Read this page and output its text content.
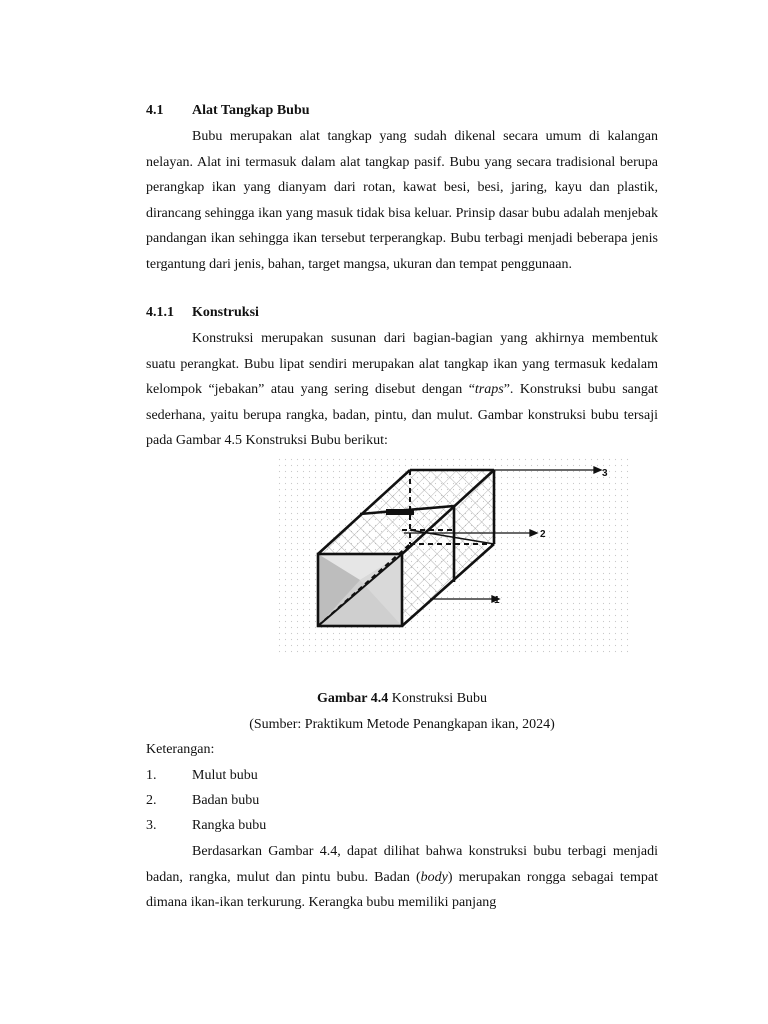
4.1 Alat Tangkap Bubu

Bubu merupakan alat tangkap yang sudah dikenal secara umum di kalangan nelayan. Alat ini termasuk dalam alat tangkap pasif. Bubu yang secara tradisional berupa perangkap ikan yang dianyam dari rotan, kawat besi, besi, jaring, kayu dan plastik, dirancang sehingga ikan yang masuk tidak bisa keluar. Prinsip dasar bubu adalah menjebak pandangan ikan sehingga ikan tersebut terperangkap. Bubu terbagi menjadi beberapa jenis tergantung dari jenis, bahan, target mangsa, ukuran dan tempat penggunaan.

4.1.1 Konstruksi

Konstruksi merupakan susunan dari bagian-bagian yang akhirnya membentuk suatu perangkat. Bubu lipat sendiri merupakan alat tangkap ikan yang termasuk kedalam kelompok “jebakan” atau yang sering disebut dengan “traps”. Konstruksi bubu sangat sederhana, yaitu berupa rangka, badan, pintu, dan mulut. Gambar konstruksi bubu tersaji pada Gambar 4.5 Konstruksi Bubu berikut:

1
2
3
Gambar 4.4 Konstruksi Bubu
(Sumber: Praktikum Metode Penangkapan ikan, 2024)
Keterangan:
1.	Mulut bubu
2.	Badan bubu
3.	Rangka bubu

Berdasarkan Gambar 4.4, dapat dilihat bahwa konstruksi bubu terbagi menjadi badan, rangka, mulut dan pintu bubu. Badan (body) merupakan rongga sebagai tempat dimana ikan-ikan terkurung. Kerangka bubu memiliki panjang
